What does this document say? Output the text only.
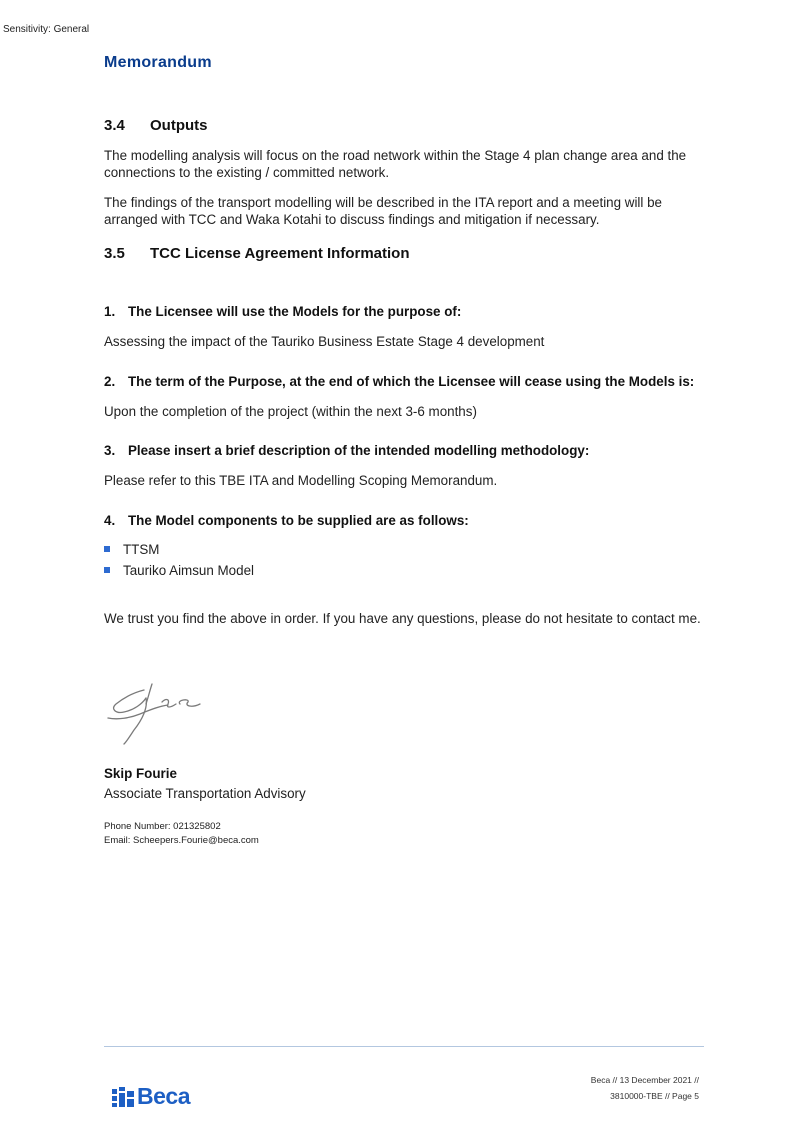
Sensitivity: General
Memorandum
3.4 Outputs
The modelling analysis will focus on the road network within the Stage 4 plan change area and the connections to the existing / committed network.
The findings of the transport modelling will be described in the ITA report and a meeting will be arranged with TCC and Waka Kotahi to discuss findings and mitigation if necessary.
3.5 TCC License Agreement Information
1. The Licensee will use the Models for the purpose of:
Assessing the impact of the Tauriko Business Estate Stage 4 development
2. The term of the Purpose, at the end of which the Licensee will cease using the Models is:
Upon the completion of the project (within the next 3-6 months)
3. Please insert a brief description of the intended modelling methodology:
Please refer to this TBE ITA and Modelling Scoping Memorandum.
4. The Model components to be supplied are as follows:
TTSM
Tauriko Aimsun Model
We trust you find the above in order. If you have any questions, please do not hesitate to contact me.
Skip Fourie
Associate Transportation Advisory
Phone Number: 021325802
Email: Scheepers.Fourie@beca.com
Beca
Beca // 13 December 2021 //
3810000-TBE // Page 5
